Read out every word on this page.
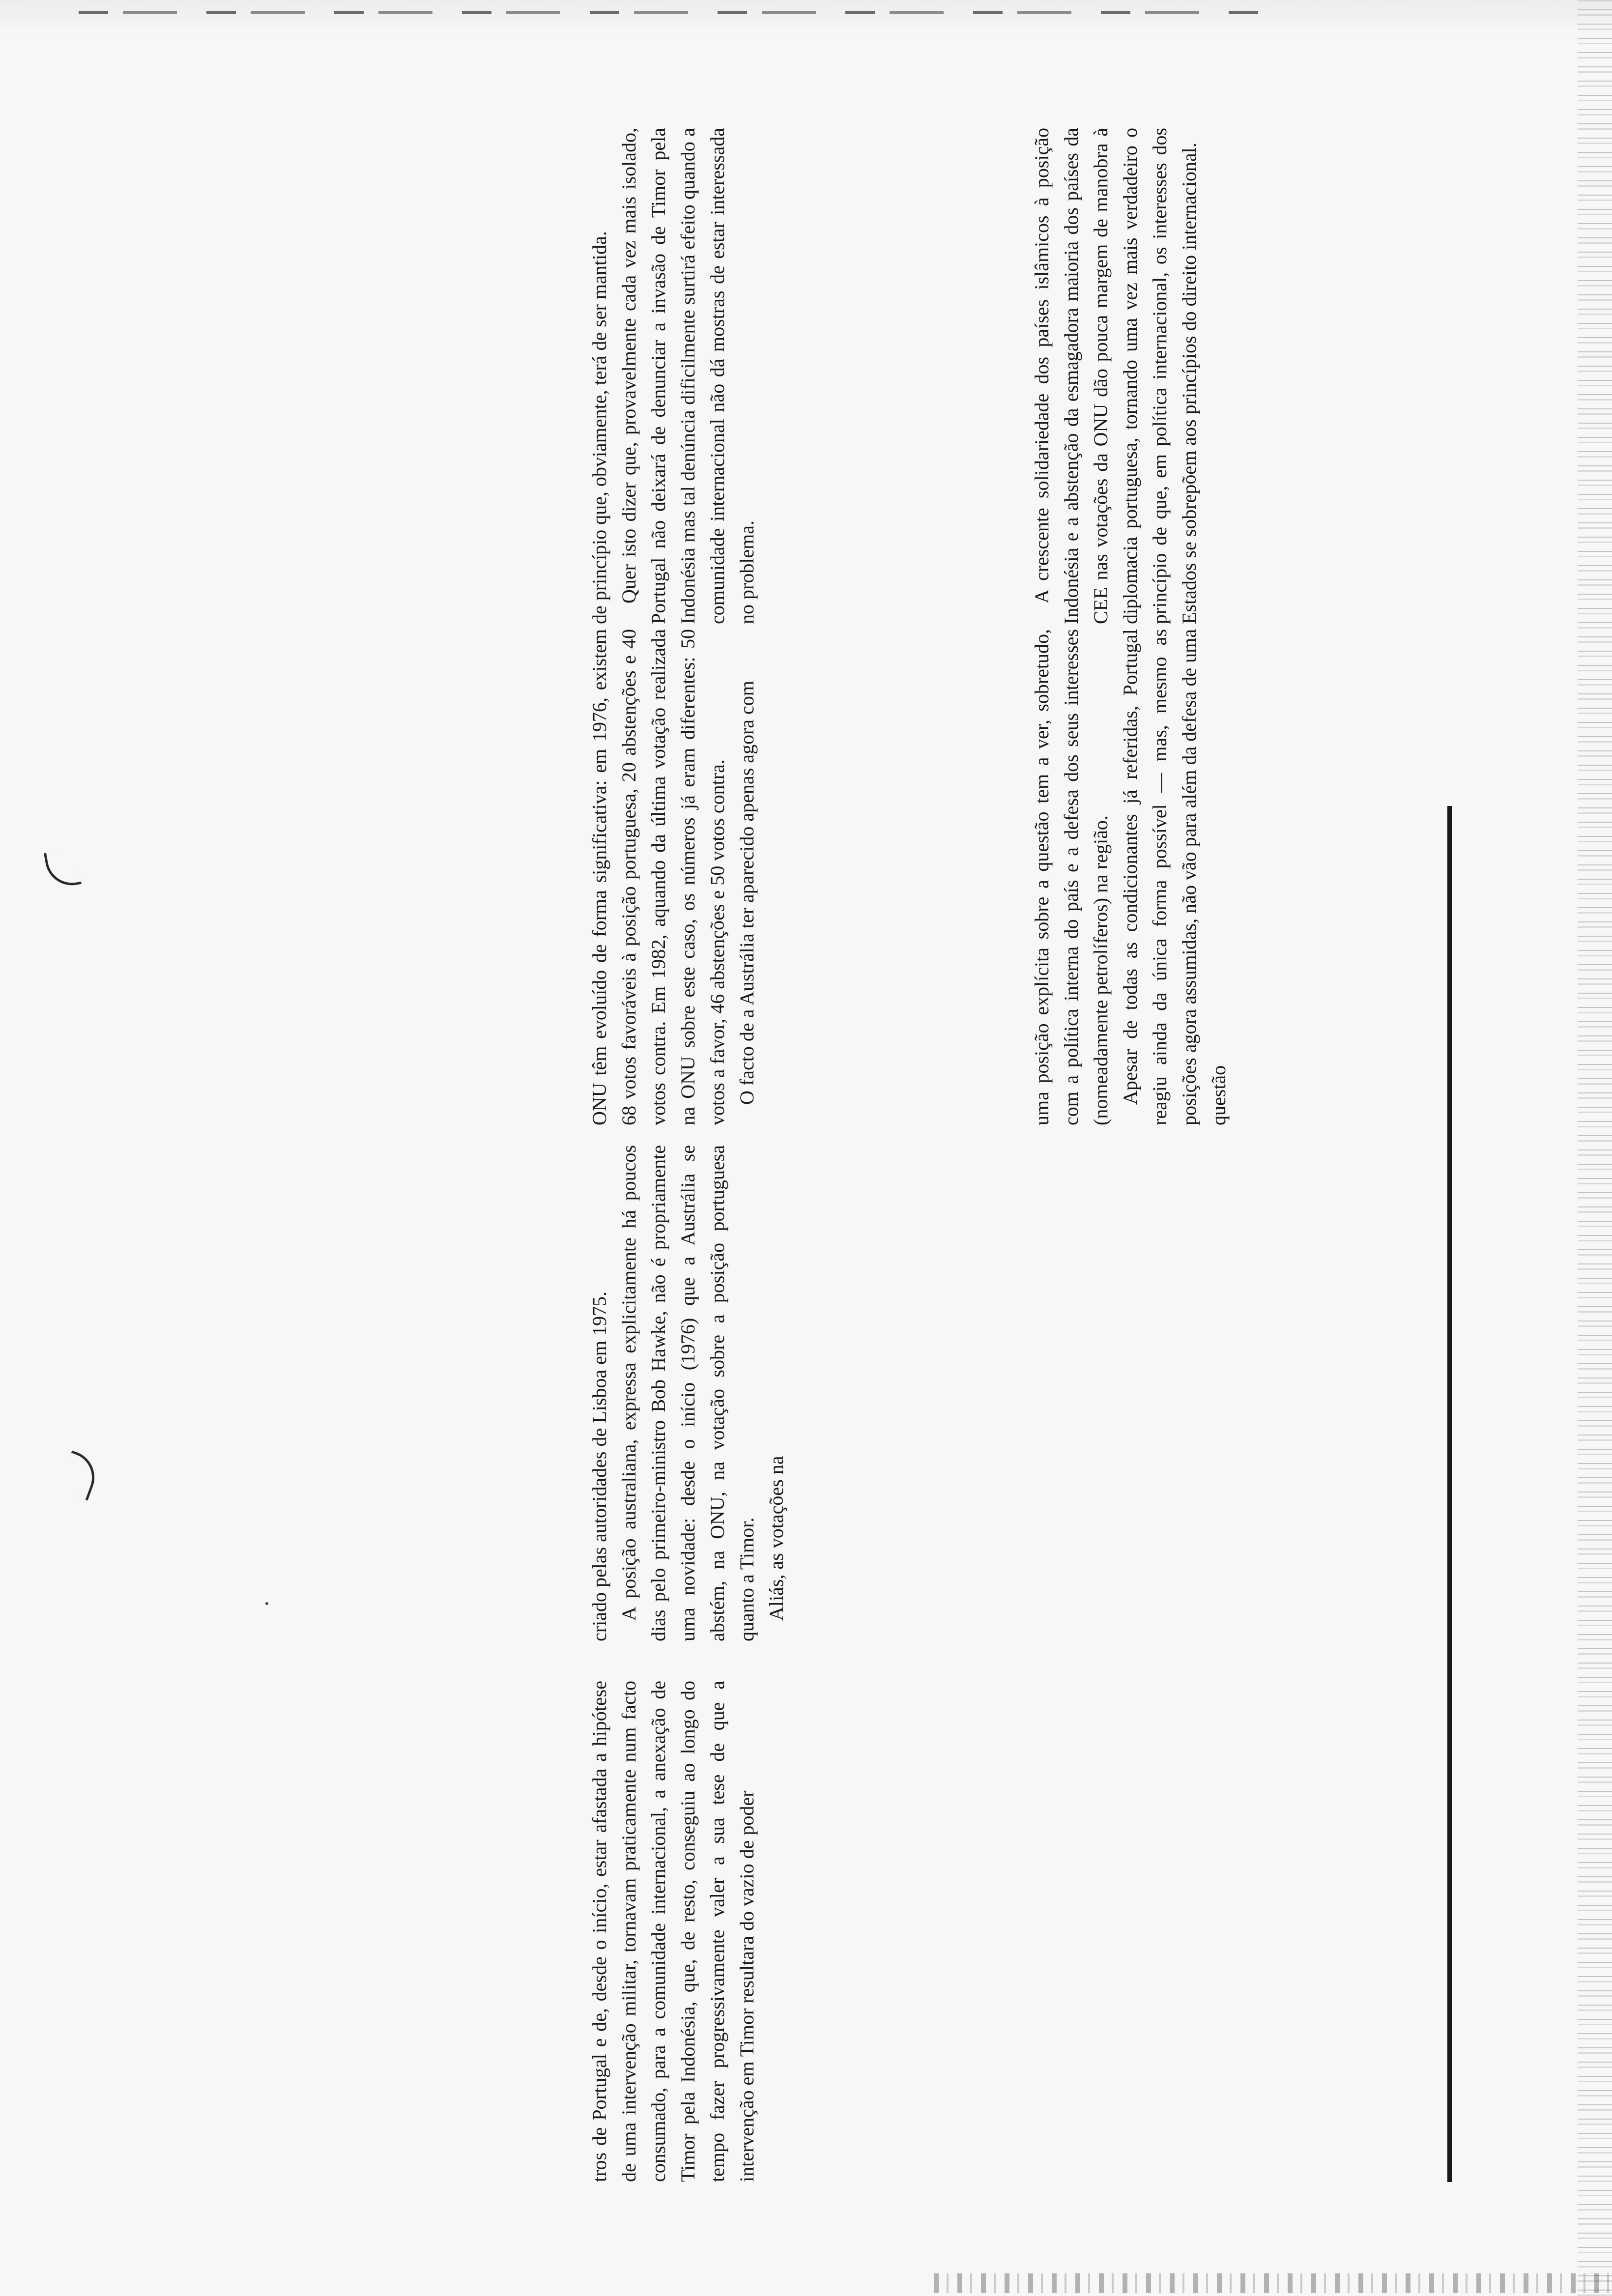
tros de Portugal e de, desde o início, estar afastada a hipótese de uma intervenção militar, tornavam praticamente num facto consumado, para a comunidade internacional, a anexação de Timor pela Indonésia, que, de resto, conseguiu ao longo do tempo fazer progressivamente valer a sua tese de que a intervenção em Timor resultara do vazio de poder

criado pelas autoridades de Lisboa em 1975. A posição australiana, expressa explicitamente há poucos dias pelo primeiro-ministro Bob Hawke, não é propriamente uma novidade: desde o início (1976) que a Austrália se abstém, na ONU, na votação sobre a posição portuguesa quanto a Timor. Aliás, as votações na

ONU têm evoluído de forma significativa: em 1976, existem 68 votos favoráveis à posição portuguesa, 20 abstenções e 40 votos contra. Em 1982, aquando da última votação realizada na ONU sobre este caso, os números já eram diferentes: 50 votos a favor, 46 abstenções e 50 votos contra. O facto de a Austrália ter aparecido apenas agora com	uma posição explícita sobre a questão tem a ver, sobretudo, com a política interna do país e a defesa dos seus interesses (nomeadamente petrolíferos) na região. Apesar de todas as condicionantes já referidas, Portugal reagiu ainda da única forma possível — mas, mesmo as posições agora assumidas, não vão para além da defesa de uma questão

de princípio que, obviamente, terá de ser mantida. Quer isto dizer que, provavelmente cada vez mais isolado, Portugal não deixará de denunciar a invasão de Timor pela Indonésia mas tal denúncia dificilmente surtirá efeito quando a comunidade internacional não dá mostras de estar interessada no problema.	A crescente solidariedade dos países islâmicos à posição Indonésia e a abstenção da esmagadora maioria dos países da CEE nas votações da ONU dão pouca margem de manobra à diplomacia portuguesa, tornando uma vez mais verdadeiro o princípio de que, em política internacional, os interesses dos Estados se sobrepõem aos princípios do direito internacional.
